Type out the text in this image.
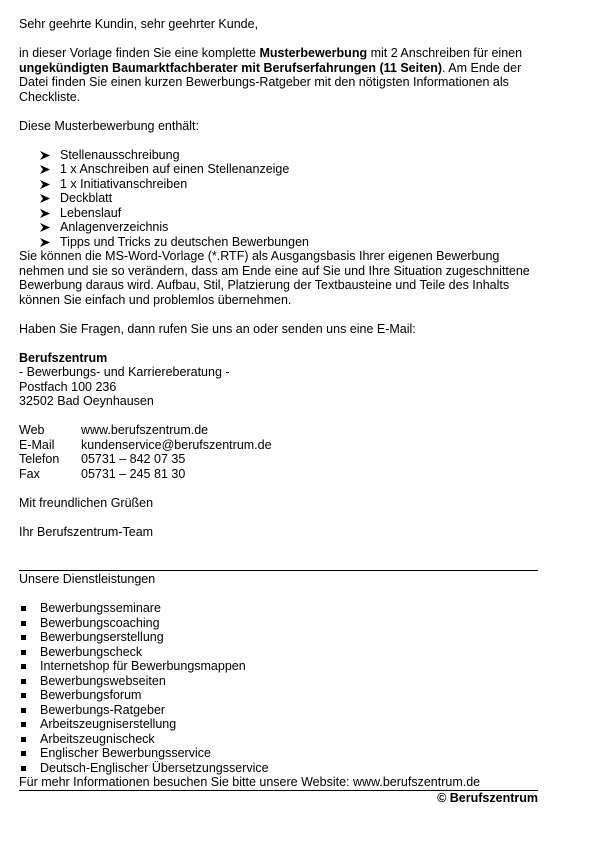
Sehr geehrte Kundin, sehr geehrter Kunde,
in dieser Vorlage finden Sie eine komplette Musterbewerbung mit 2 Anschreiben für einen
ungekündigten Baumarktfachberater mit Berufserfahrungen (11 Seiten). Am Ende der
Datei finden Sie einen kurzen Bewerbungs-Ratgeber mit den nötigsten Informationen als
Checkliste.
Diese Musterbewerbung enthält:
Stellenausschreibung
1 x Anschreiben auf einen Stellenanzeige
1 x Initiativanschreiben
Deckblatt
Lebenslauf
Anlagenverzeichnis
Tipps und Tricks zu deutschen Bewerbungen
Sie können die MS-Word-Vorlage (*.RTF) als Ausgangsbasis Ihrer eigenen Bewerbung
nehmen und sie so verändern, dass am Ende eine auf Sie und Ihre Situation zugeschnittene
Bewerbung daraus wird. Aufbau, Stil, Platzierung der Textbausteine und Teile des Inhalts
können Sie einfach und problemlos übernehmen.
Haben Sie Fragen, dann rufen Sie uns an oder senden uns eine E-Mail:
Berufszentrum
- Bewerbungs- und Karriereberatung -
Postfach 100 236
32502 Bad Oeynhausen
Web	www.berufszentrum.de
E-Mail kundenservice@berufszentrum.de
Telefon 05731 – 842 07 35
Fax	05731 – 245 81 30
Mit freundlichen Grüßen
Ihr Berufszentrum-Team
Unsere Dienstleistungen
Bewerbungsseminare
Bewerbungscoaching
Bewerbungserstellung
Bewerbungscheck
Internetshop für Bewerbungsmappen
Bewerbungswebseiten
Bewerbungsforum
Bewerbungs-Ratgeber
Arbeitszeugniserstellung
Arbeitszeugnischeck
Englischer Bewerbungsservice
Deutsch-Englischer Übersetzungsservice
Für mehr Informationen besuchen Sie bitte unsere Website: www.berufszentrum.de
© Berufszentrum
